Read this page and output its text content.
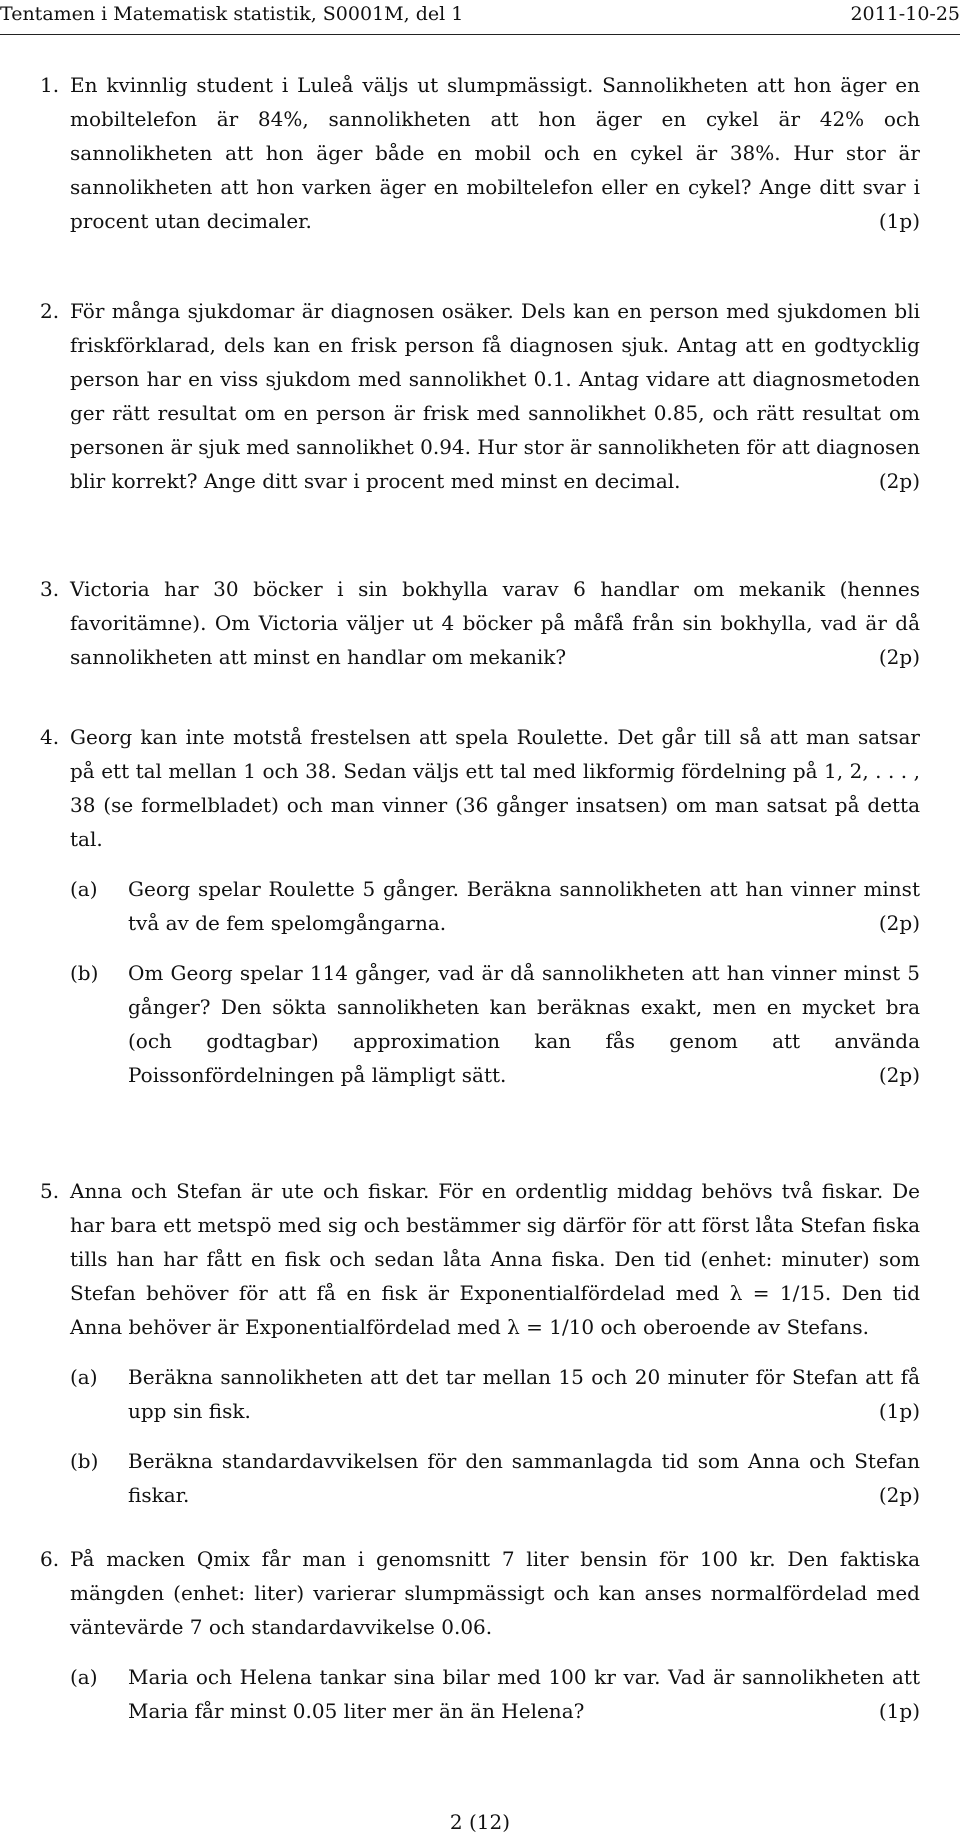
Tentamen i Matematisk statistik, S0001M, del 1	2011-10-25
1. En kvinnlig student i Luleå väljs ut slumpmässigt. Sannolikheten att hon äger en mobiltelefon är 84%, sannolikheten att hon äger en cykel är 42% och sannolikheten att hon äger både en mobil och en cykel är 38%. Hur stor är sannolikheten att hon varken äger en mobiltelefon eller en cykel? Ange ditt svar i procent utan decimaler.	(1p)
2. För många sjukdomar är diagnosen osäker. Dels kan en person med sjukdomen bli friskförklarad, dels kan en frisk person få diagnosen sjuk. Antag att en godtycklig person har en viss sjukdom med sannolikhet 0.1. Antag vidare att diagnosmetoden ger rätt resultat om en person är frisk med sannolikhet 0.85, och rätt resultat om personen är sjuk med sannolikhet 0.94. Hur stor är sannolikheten för att diagnosen blir korrekt? Ange ditt svar i procent med minst en decimal.	(2p)
3. Victoria har 30 böcker i sin bokhylla varav 6 handlar om mekanik (hennes favoritämne). Om Victoria väljer ut 4 böcker på måfå från sin bokhylla, vad är då sannolikheten att minst en handlar om mekanik?	(2p)
4. Georg kan inte motstå frestelsen att spela Roulette. Det går till så att man satsar på ett tal mellan 1 och 38. Sedan väljs ett tal med likformig fördelning på 1, 2, . . . , 38 (se formelbladet) och man vinner (36 gånger insatsen) om man satsat på detta tal.
(a)	Georg spelar Roulette 5 gånger. Beräkna sannolikheten att han vinner minst två av de fem spelomgångarna.	(2p)
(b)	Om Georg spelar 114 gånger, vad är då sannolikheten att han vinner minst 5 gånger? Den sökta sannolikheten kan beräknas exakt, men en mycket bra (och godtagbar) approximation kan fås genom att använda Poissonfördelningen på lämpligt sätt.	(2p)
5. Anna och Stefan är ute och fiskar. För en ordentlig middag behövs två fiskar. De har bara ett metspö med sig och bestämmer sig därför för att först låta Stefan fiska tills han har fått en fisk och sedan låta Anna fiska. Den tid (enhet: minuter) som Stefan behöver för att få en fisk är Exponentialfördelad med λ = 1/15. Den tid Anna behöver är Exponentialfördelad med λ = 1/10 och oberoende av Stefans.
(a)	Beräkna sannolikheten att det tar mellan 15 och 20 minuter för Stefan att få upp sin fisk.	(1p)
(b)	Beräkna standardavvikelsen för den sammanlagda tid som Anna och Stefan fiskar.	(2p)
6. På macken Qmix får man i genomsnitt 7 liter bensin för 100 kr. Den faktiska mängden (enhet: liter) varierar slumpmässigt och kan anses normalfördelad med väntevärde 7 och standardavvikelse 0.06.
(a)	Maria och Helena tankar sina bilar med 100 kr var. Vad är sannolikheten att Maria får minst 0.05 liter mer än än Helena?	(1p)
2 (12)
